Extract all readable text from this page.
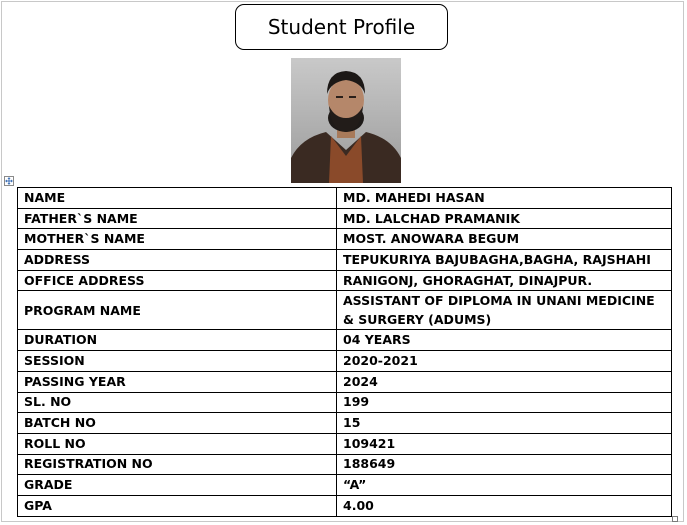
Student Profile
NAME	MD. MAHEDI HASAN
FATHER`S NAME	MD. LALCHAD PRAMANIK
MOTHER`S NAME	MOST. ANOWARA BEGUM
ADDRESS	TEPUKURIYA BAJUBAGHA,BAGHA, RAJSHAHI
OFFICE ADDRESS	RANIGONJ, GHORAGHAT, DINAJPUR.
PROGRAM NAME	ASSISTANT OF DIPLOMA IN UNANI MEDICINE & SURGERY (ADUMS)
DURATION	04 YEARS
SESSION	2020-2021
PASSING YEAR	2024
SL. NO	199
BATCH NO	15
ROLL NO	109421
REGISTRATION NO	188649
GRADE	“A”
GPA	4.00
